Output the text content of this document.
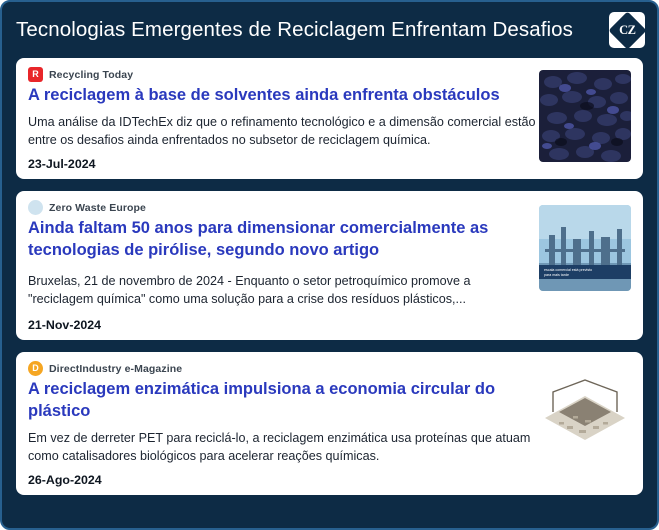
Tecnologias Emergentes de Reciclagem Enfrentam Desafios	CZ
R Recycling Today
A reciclagem à base de solventes ainda enfrenta obstáculos
Uma análise da IDTechEx diz que o refinamento tecnológico e a dimensão comercial estão entre os desafios ainda enfrentados no subsetor de reciclagem química.
23-Jul-2024
Zero Waste Europe
Ainda faltam 50 anos para dimensionar comercialmente as tecnologias de pirólise, segundo novo artigo
Bruxelas, 21 de novembro de 2024 - Enquanto o setor petroquímico promove a "reciclagem química" como uma solução para a crise dos resíduos plásticos,...
21-Nov-2024
escala comercial está previsto
para mais tarde
D DirectIndustry e-Magazine
A reciclagem enzimática impulsiona a economia circular do plástico
Em vez de derreter PET para reciclá-lo, a reciclagem enzimática usa proteínas que atuam como catalisadores biológicos para acelerar reações químicas.
26-Ago-2024
